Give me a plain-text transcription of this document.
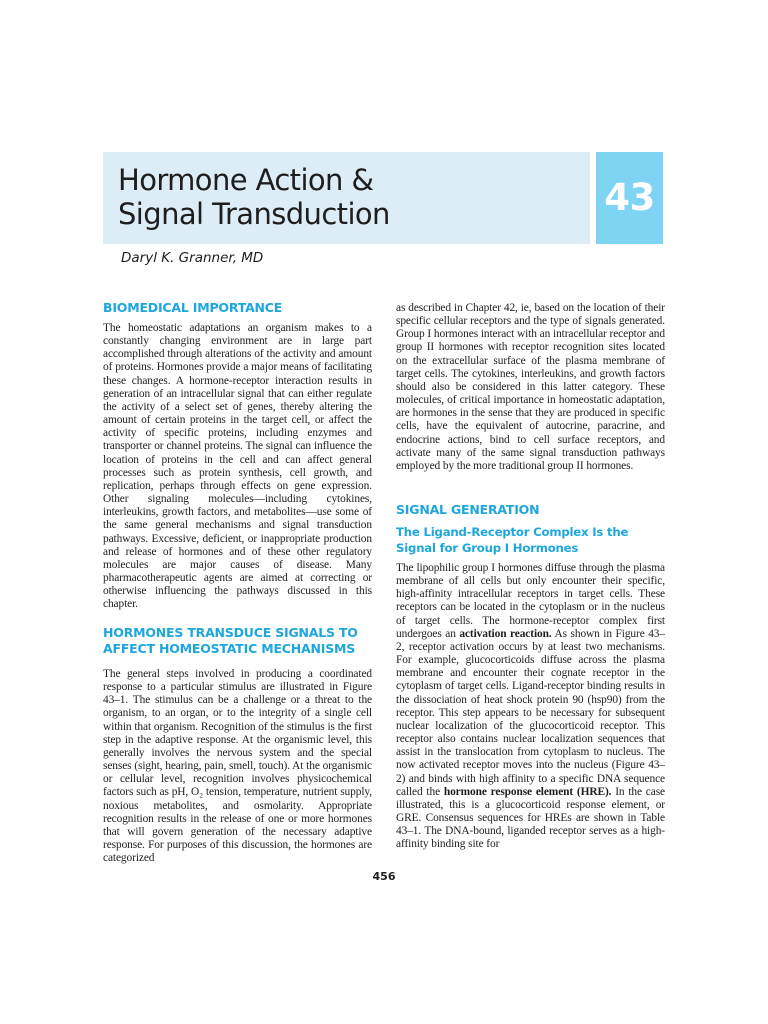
Hormone Action &
Signal Transduction	43
Daryl K. Granner, MD
BIOMEDICAL IMPORTANCE

The homeostatic adaptations an organism makes to a constantly changing environment are in large part accomplished through alterations of the activity and amount of proteins. Hormones provide a major means of facilitating these changes. A hormone-receptor interaction results in generation of an intracellular signal that can either regulate the activity of a select set of genes, thereby altering the amount of certain proteins in the target cell, or affect the activity of specific proteins, including enzymes and transporter or channel proteins. The signal can influence the location of proteins in the cell and can affect general processes such as protein synthesis, cell growth, and replication, perhaps through effects on gene expression. Other signaling molecules—including cytokines, interleukins, growth factors, and metabolites—use some of the same general mechanisms and signal transduction pathways. Excessive, deficient, or inappropriate production and release of hormones and of these other regulatory molecules are major causes of disease. Many pharmacotherapeutic agents are aimed at correcting or otherwise influencing the pathways discussed in this chapter.

HORMONES TRANSDUCE SIGNALS TO
AFFECT HOMEOSTATIC MECHANISMS

The general steps involved in producing a coordinated response to a particular stimulus are illustrated in Figure 43–1. The stimulus can be a challenge or a threat to the organism, to an organ, or to the integrity of a single cell within that organism. Recognition of the stimulus is the first step in the adaptive response. At the organismic level, this generally involves the nervous system and the special senses (sight, hearing, pain, smell, touch). At the organismic or cellular level, recognition involves physicochemical factors such as pH, O₂ tension, temperature, nutrient supply, noxious metabolites, and osmolarity. Appropriate recognition results in the release of one or more hormones that will govern generation of the necessary adaptive response. For purposes of this discussion, the hormones are categorized

as described in Chapter 42, ie, based on the location of their specific cellular receptors and the type of signals generated. Group I hormones interact with an intracellular receptor and group II hormones with receptor recognition sites located on the extracellular surface of the plasma membrane of target cells. The cytokines, interleukins, and growth factors should also be considered in this latter category. These molecules, of critical importance in homeostatic adaptation, are hormones in the sense that they are produced in specific cells, have the equivalent of autocrine, paracrine, and endocrine actions, bind to cell surface receptors, and activate many of the same signal transduction pathways employed by the more traditional group II hormones.

SIGNAL GENERATION
The Ligand-Receptor Complex Is the
Signal for Group I Hormones

The lipophilic group I hormones diffuse through the plasma membrane of all cells but only encounter their specific, high-affinity intracellular receptors in target cells. These receptors can be located in the cytoplasm or in the nucleus of target cells. The hormone-receptor complex first undergoes an activation reaction. As shown in Figure 43–2, receptor activation occurs by at least two mechanisms. For example, glucocorticoids diffuse across the plasma membrane and encounter their cognate receptor in the cytoplasm of target cells. Ligand-receptor binding results in the dissociation of heat shock protein 90 (hsp90) from the receptor. This step appears to be necessary for subsequent nuclear localization of the glucocorticoid receptor. This receptor also contains nuclear localization sequences that assist in the translocation from cytoplasm to nucleus. The now activated receptor moves into the nucleus (Figure 43–2) and binds with high affinity to a specific DNA sequence called the hormone response element (HRE). In the case illustrated, this is a glucocorticoid response element, or GRE. Consensus sequences for HREs are shown in Table 43–1. The DNA-bound, liganded receptor serves as a high-affinity binding site for

456
